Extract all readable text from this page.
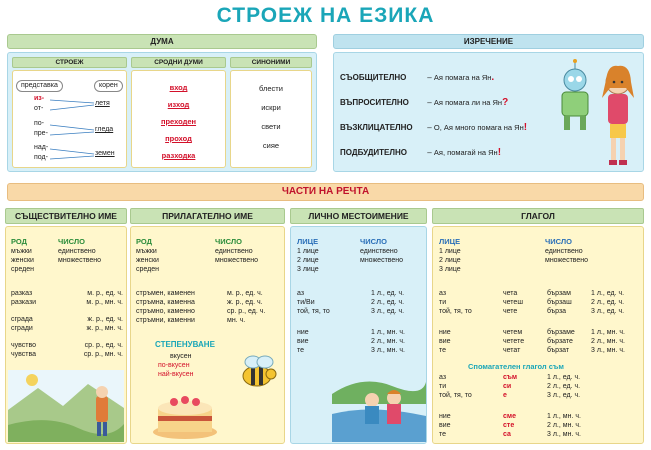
СТРОЕЖ НА ЕЗИКА
ДУМА
СТРОЕЖ	СРОДНИ ДУМИ	СИНОНИМИ
представка	корен
из-
от-
летя
по-
пре-
гледа
над-
под-
земен
вход
изход
преходен
проход
разходка
блести
искри
свети
сияе
ИЗРЕЧЕНИЕ
СЪОБЩИТЕЛНО	– Ая помага на Ян.
ВЪПРОСИТЕЛНО – Ая помага ли на Ян?
ВЪЗКЛИЦАТЕЛНО – О, Ая много помага на Ян!
ПОДБУДИТЕЛНО	– Ая, помагай на Ян!
ЧАСТИ НА РЕЧТА
СЪЩЕСТВИТЕЛНО ИМЕ
РОД	ЧИСЛО
мъжки
женски
среден
единствено
множествено
разказ	м. р., ед. ч.
разкази	м. р., мн. ч.
сграда	ж. р., ед. ч.
сгради	ж. р., мн. ч.
чувство	ср. р., ед. ч.
чувства	ср. р., мн. ч.
ПРИЛАГАТЕЛНО ИМЕ
РОД	ЧИСЛО
мъжки
женски
среден
единствено
множествено
стръмен, каменен	м. р., ед. ч.
стръмна, каменна	ж. р., ед. ч.
стръмно, каменно	ср. р., ед. ч.
стръмни, каменни	мн. ч.
СТЕПЕНУВАНЕ
вкусен
по-вкусен
най-вкусен
ЛИЧНО МЕСТОИМЕНИЕ
ЛИЦЕ	ЧИСЛО
1 лице
2 лице
3 лице
единствено
множествено
аз	1 л., ед. ч.
ти/Ви	2 л., ед. ч.
той, тя, то	3 л., ед. ч.
ние	1 л., мн. ч.
вие	2 л., мн. ч.
те	3 л., мн. ч.
ГЛАГОЛ
ЛИЦЕ	ЧИСЛО
1 лице
2 лице
3 лице
единствено
множествено
аз	чета	бързам	1 л., ед. ч.
ти	четеш	бързаш	2 л., ед. ч.
той, тя, то	чете	бърза	3 л., ед. ч.
ние	четем	бързаме	1 л., мн. ч.
вие	четете	бързате	2 л., мн. ч.
те	четат	бързат	3 л., мн. ч.
Спомагателен глагол съм
аз	съм	1 л., ед. ч.
ти	си	2 л., ед. ч.
той, тя, то	е	3 л., ед. ч.
ние	сме	1 л., мн. ч.
вие	сте	2 л., мн. ч.
те	са	3 л., мн. ч.
